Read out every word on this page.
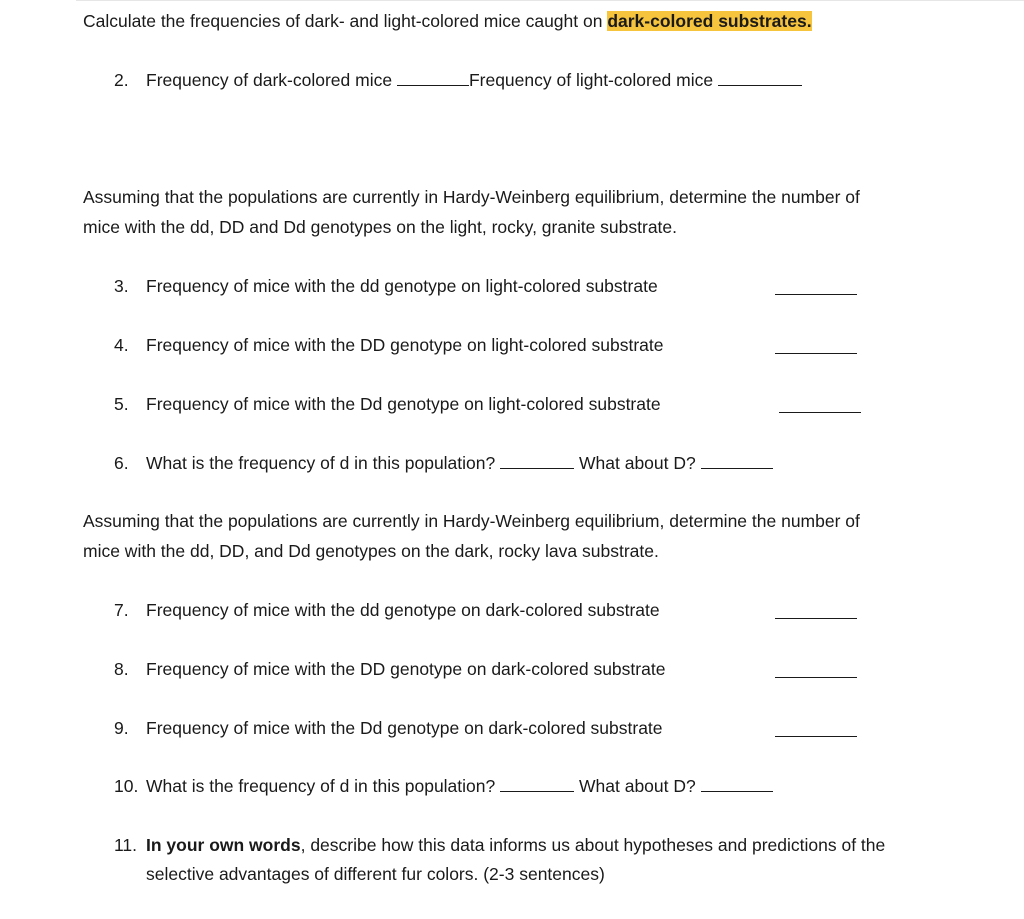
Calculate the frequencies of dark- and light-colored mice caught on dark-colored substrates.
2. Frequency of dark-colored mice	Frequency of light-colored mice
Assuming that the populations are currently in Hardy-Weinberg equilibrium, determine the number of
mice with the dd, DD and Dd genotypes on the light, rocky, granite substrate.
3. Frequency of mice with the dd genotype on light-colored substrate
4. Frequency of mice with the DD genotype on light-colored substrate
5. Frequency of mice with the Dd genotype on light-colored substrate
6. What is the frequency of d in this population?	What about D?
Assuming that the populations are currently in Hardy-Weinberg equilibrium, determine the number of
mice with the dd, DD, and Dd genotypes on the dark, rocky lava substrate.
7. Frequency of mice with the dd genotype on dark-colored substrate
8. Frequency of mice with the DD genotype on dark-colored substrate
9. Frequency of mice with the Dd genotype on dark-colored substrate
10. What is the frequency of d in this population?	What about D?
11. In your own words, describe how this data informs us about hypotheses and predictions of the
selective advantages of different fur colors. (2-3 sentences)
